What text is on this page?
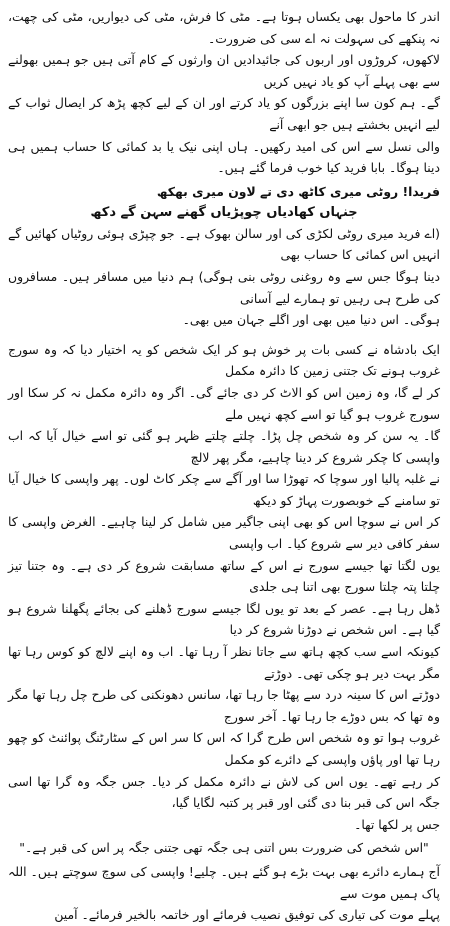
اندر کا ماحول بھی یکساں ہوتا ہے۔ مٹی کا فرش، مٹی کی دیواریں، مٹی کی چھت، نہ پنکھے کی سہولت نہ اے سی کی ضرورت۔

لاکھوں، کروڑوں اور اربوں کی جائیدادیں ان وارثوں کے کام آتی ہیں جو ہمیں بھولنے سے بھی پہلے آپ کو یاد نہیں کریں

گے۔ ہم کون سا اپنے بزرگوں کو یاد کرتے اور ان کے لیے کچھ پڑھ کر ایصال ثواب کے لیے انہیں بخشتے ہیں جو ابھی آنے

والی نسل سے اس کی امید رکھیں۔ ہاں اپنی نیک یا بد کمائی کا حساب ہمیں ہی دینا ہوگا۔ بابا فرید کیا خوب فرما گئے ہیں۔

فریدا! روٹی میری کاٹھ دی تے لاون میری بھکھ
جنہاں کھادیاں چوپڑیاں گھنے سہن گے دکھ

(اے فرید میری روٹی لکڑی کی اور سالن بھوک ہے۔ جو چپڑی ہوئی روٹیاں کھائیں گے انہیں اس کمائی کا حساب بھی

دینا ہوگا جس سے وہ روغنی روٹی بنی ہوگی) ہم دنیا میں مسافر ہیں۔ مسافروں کی طرح ہی رہیں تو ہمارے لیے آسانی

ہوگی۔ اس دنیا میں بھی اور اگلے جہان میں بھی۔

ایک بادشاہ نے کسی بات پر خوش ہو کر ایک شخص کو یہ اختیار دیا کہ وہ سورج غروب ہونے تک جتنی زمین کا دائرہ مکمل

کر لے گا، وہ زمین اس کو الاٹ کر دی جائے گی۔ اگر وہ دائرہ مکمل نہ کر سکا اور سورج غروب ہو گیا تو اسے کچھ نہیں ملے

گا۔ یہ سن کر وہ شخص چل پڑا۔ چلتے چلتے ظہر ہو گئی تو اسے خیال آیا کہ اب واپسی کا چکر شروع کر دینا چاہیے، مگر پھر لالچ

نے غلبہ پالیا اور سوچا کہ تھوڑا سا اور آگے سے چکر کاٹ لوں۔ پھر واپسی کا خیال آیا تو سامنے کے خوبصورت پہاڑ کو دیکھ

کر اس نے سوچا اس کو بھی اپنی جاگیر میں شامل کر لینا چاہیے۔ الغرض واپسی کا سفر کافی دیر سے شروع کیا۔ اب واپسی

یوں لگتا تھا جیسے سورج نے اس کے ساتھ مسابقت شروع کر دی ہے۔ وہ جتنا تیز چلتا پتہ چلتا سورج بھی اتنا ہی جلدی

ڈھل رہا ہے۔ عصر کے بعد تو یوں لگا جیسے سورج ڈھلنے کی بجائے پگھلنا شروع ہو گیا ہے۔ اس شخص نے دوڑنا شروع کر دیا

کیونکہ اسے سب کچھ ہاتھ سے جاتا نظر آ رہا تھا۔ اب وہ اپنے لالچ کو کوس رہا تھا مگر بہت دیر ہو چکی تھی۔ دوڑتے

دوڑتے اس کا سینہ درد سے پھٹا جا رہا تھا، سانس دھونکنی کی طرح چل رہا تھا مگر وہ تھا کہ بس دوڑے جا رہا تھا۔ آخر سورج

غروب ہوا تو وہ شخص اس طرح گرا کہ اس کا سر اس کے سٹارٹنگ پوائنٹ کو چھو رہا تھا اور پاؤں واپسی کے دائرے کو مکمل

کر رہے تھے۔ یوں اس کی لاش نے دائرہ مکمل کر دیا۔ جس جگہ وہ گرا تھا اسی جگہ اس کی قبر بنا دی گئی اور قبر پر کتبہ لگایا گیا،

جس پر لکھا تھا۔

"اس شخص کی ضرورت بس اتنی ہی جگہ تھی جتنی جگہ پر اس کی قبر ہے۔"

آج ہمارے دائرے بھی بہت بڑے ہو گئے ہیں۔ چلیے! واپسی کی سوچ سوچتے ہیں۔ اللہ پاک ہمیں موت سے

پہلے موت کی تیاری کی توفیق نصیب فرمائے اور خاتمہ بالخیر فرمائے۔ آمین
